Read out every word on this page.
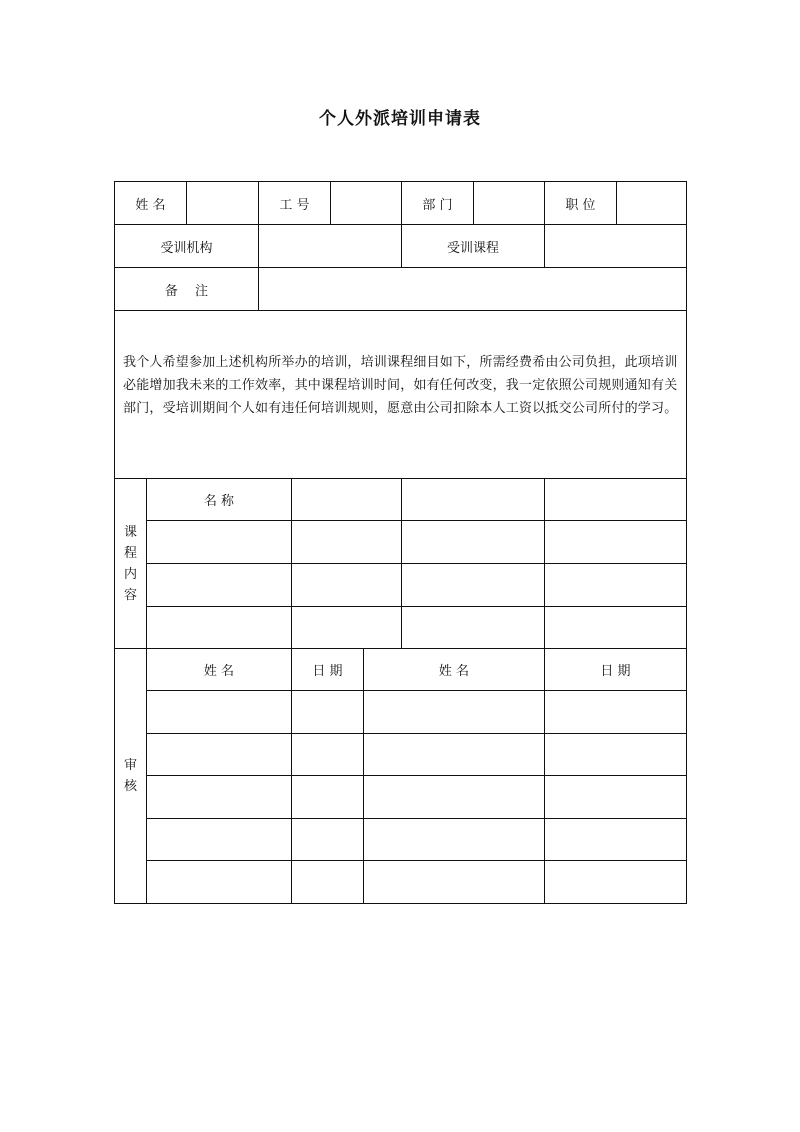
个人外派培训申请表
姓 名	工 号	部 门	职 位
受训机构	受训课程
备　 注
我个人希望参加上述机构所举办的培训，培训课程细目如下，所需经费希由公司负担，此项培训必能增加我未来的工作效率，其中课程培训时间，如有任何改变，我一定依照公司规则通知有关部门，受培训期间个人如有违任何培训规则，愿意由公司扣除本人工资以抵交公司所付的学习。
课
程
内
容
名 称
审
核
姓 名	日 期	姓 名	日 期
